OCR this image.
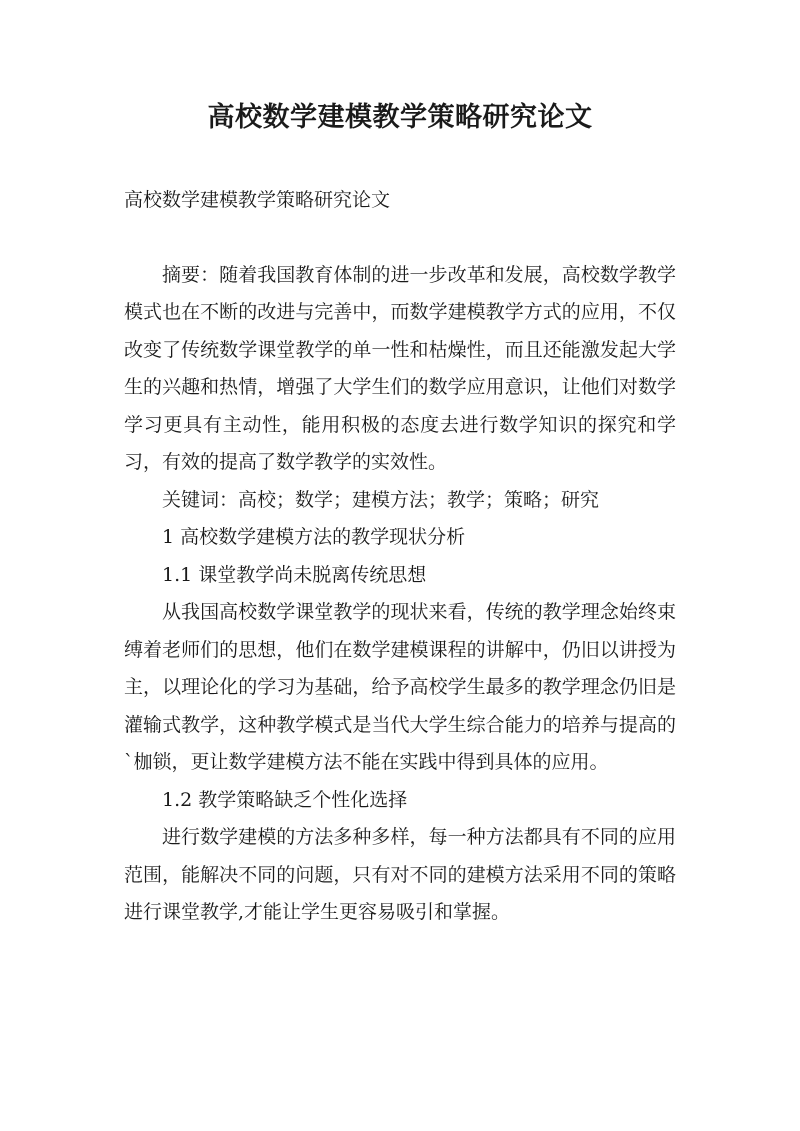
高校数学建模教学策略研究论文

高校数学建模教学策略研究论文

摘要：随着我国教育体制的进一步改革和发展，高校数学教学模式也在不断的改进与完善中，而数学建模教学方式的应用，不仅改变了传统数学课堂教学的单一性和枯燥性，而且还能激发起大学生的兴趣和热情，增强了大学生们的数学应用意识，让他们对数学学习更具有主动性，能用积极的态度去进行数学知识的探究和学习，有效的提高了数学教学的实效性。

关键词：高校；数学；建模方法；教学；策略；研究

1 高校数学建模方法的教学现状分析

1.1 课堂教学尚未脱离传统思想

从我国高校数学课堂教学的现状来看，传统的教学理念始终束缚着老师们的思想，他们在数学建模课程的讲解中，仍旧以讲授为主，以理论化的学习为基础，给予高校学生最多的教学理念仍旧是灌输式教学，这种教学模式是当代大学生综合能力的培养与提高的`枷锁，更让数学建模方法不能在实践中得到具体的应用。

1.2 教学策略缺乏个性化选择

进行数学建模的方法多种多样，每一种方法都具有不同的应用范围，能解决不同的问题，只有对不同的建模方法采用不同的策略进行课堂教学,才能让学生更容易吸引和掌握。
